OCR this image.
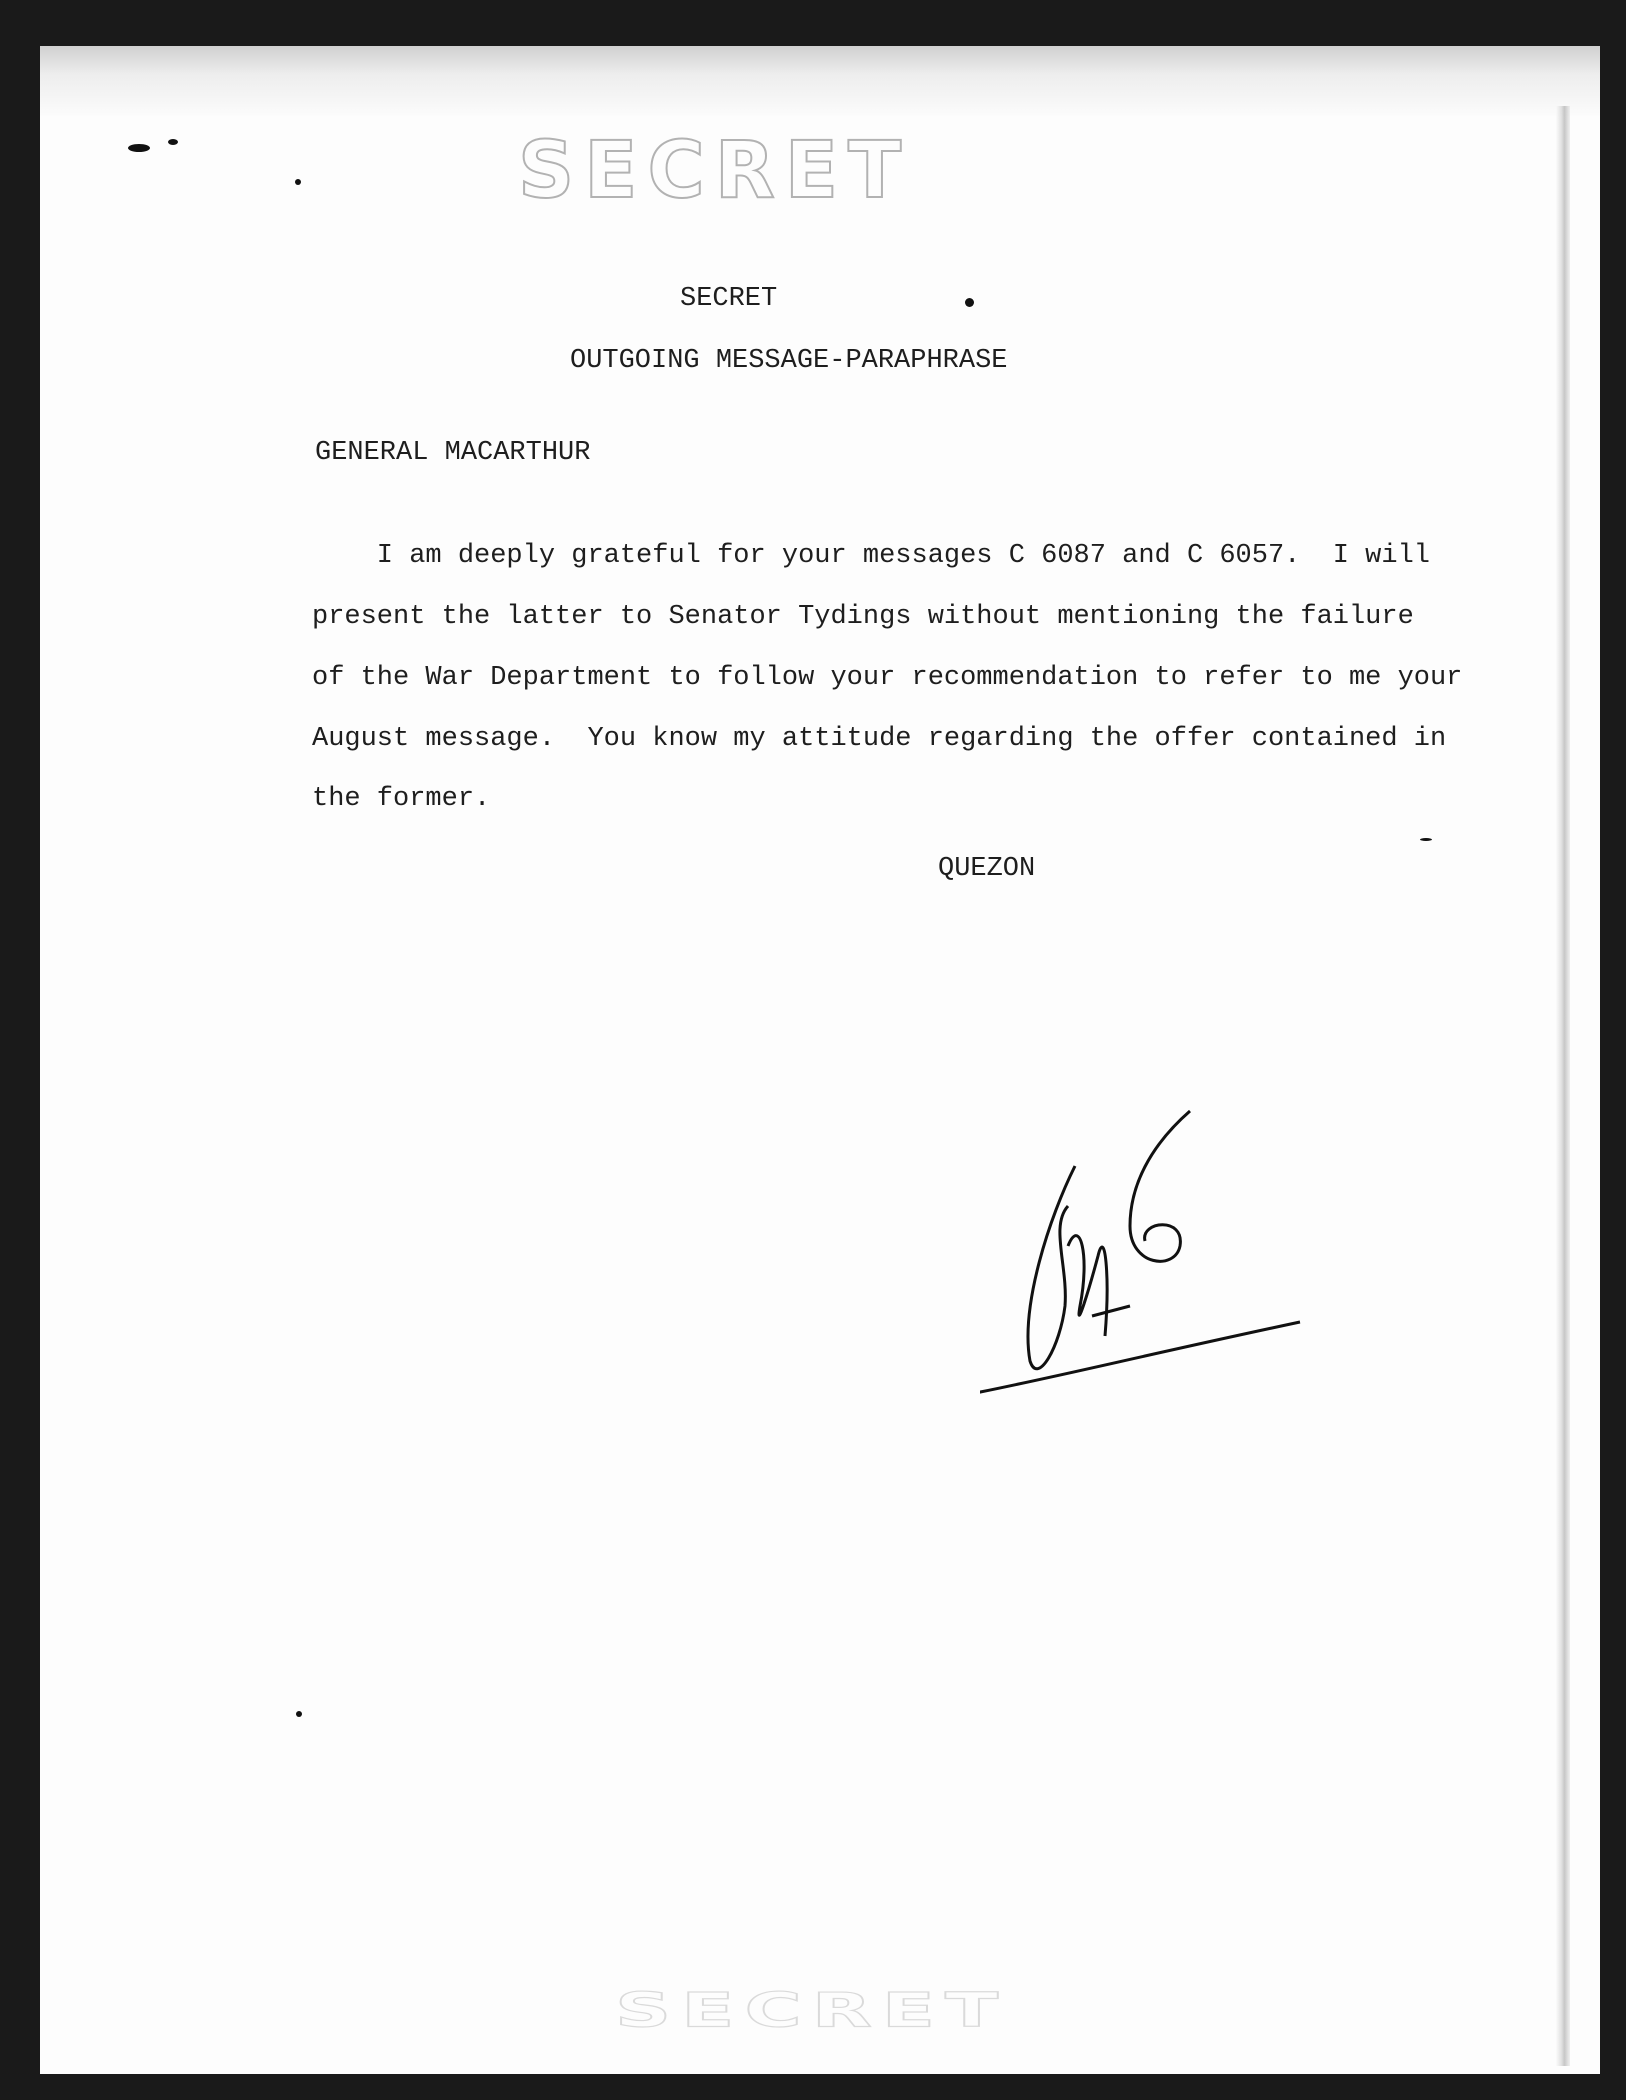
SECRET
SECRET
OUTGOING MESSAGE-PARAPHRASE
GENERAL MACARTHUR
I am deeply grateful for your messages C 6087 and C 6057.  I will
present the latter to Senator Tydings without mentioning the failure
of the War Department to follow your recommendation to refer to me your
August message.  You know my attitude regarding the offer contained in
the former.
QUEZON
SECRET
